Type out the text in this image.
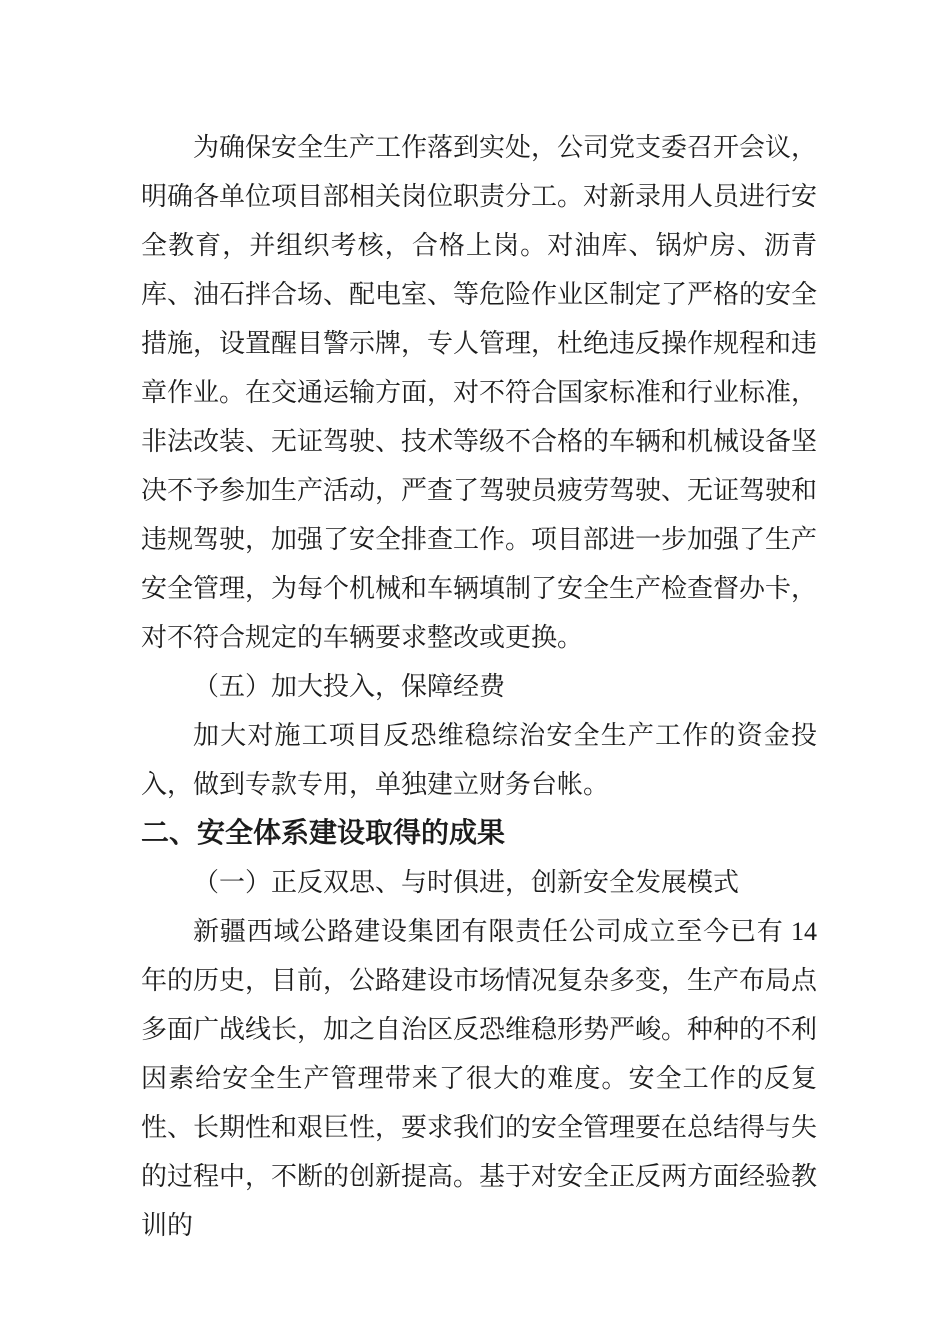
为确保安全生产工作落到实处，公司党支委召开会议，明确各单位项目部相关岗位职责分工。对新录用人员进行安全教育，并组织考核，合格上岗。对油库、锅炉房、沥青库、油石拌合场、配电室、等危险作业区制定了严格的安全措施，设置醒目警示牌，专人管理，杜绝违反操作规程和违章作业。在交通运输方面，对不符合国家标准和行业标准，非法改装、无证驾驶、技术等级不合格的车辆和机械设备坚决不予参加生产活动，严查了驾驶员疲劳驾驶、无证驾驶和违规驾驶，加强了安全排查工作。项目部进一步加强了生产安全管理，为每个机械和车辆填制了安全生产检查督办卡，对不符合规定的车辆要求整改或更换。
（五）加大投入，保障经费
加大对施工项目反恐维稳综治安全生产工作的资金投入，做到专款专用，单独建立财务台帐。
二、安全体系建设取得的成果
（一）正反双思、与时俱进，创新安全发展模式
新疆西域公路建设集团有限责任公司成立至今已有 14 年的历史，目前，公路建设市场情况复杂多变，生产布局点多面广战线长，加之自治区反恐维稳形势严峻。种种的不利因素给安全生产管理带来了很大的难度。安全工作的反复性、长期性和艰巨性，要求我们的安全管理要在总结得与失的过程中，不断的创新提高。基于对安全正反两方面经验教训的
